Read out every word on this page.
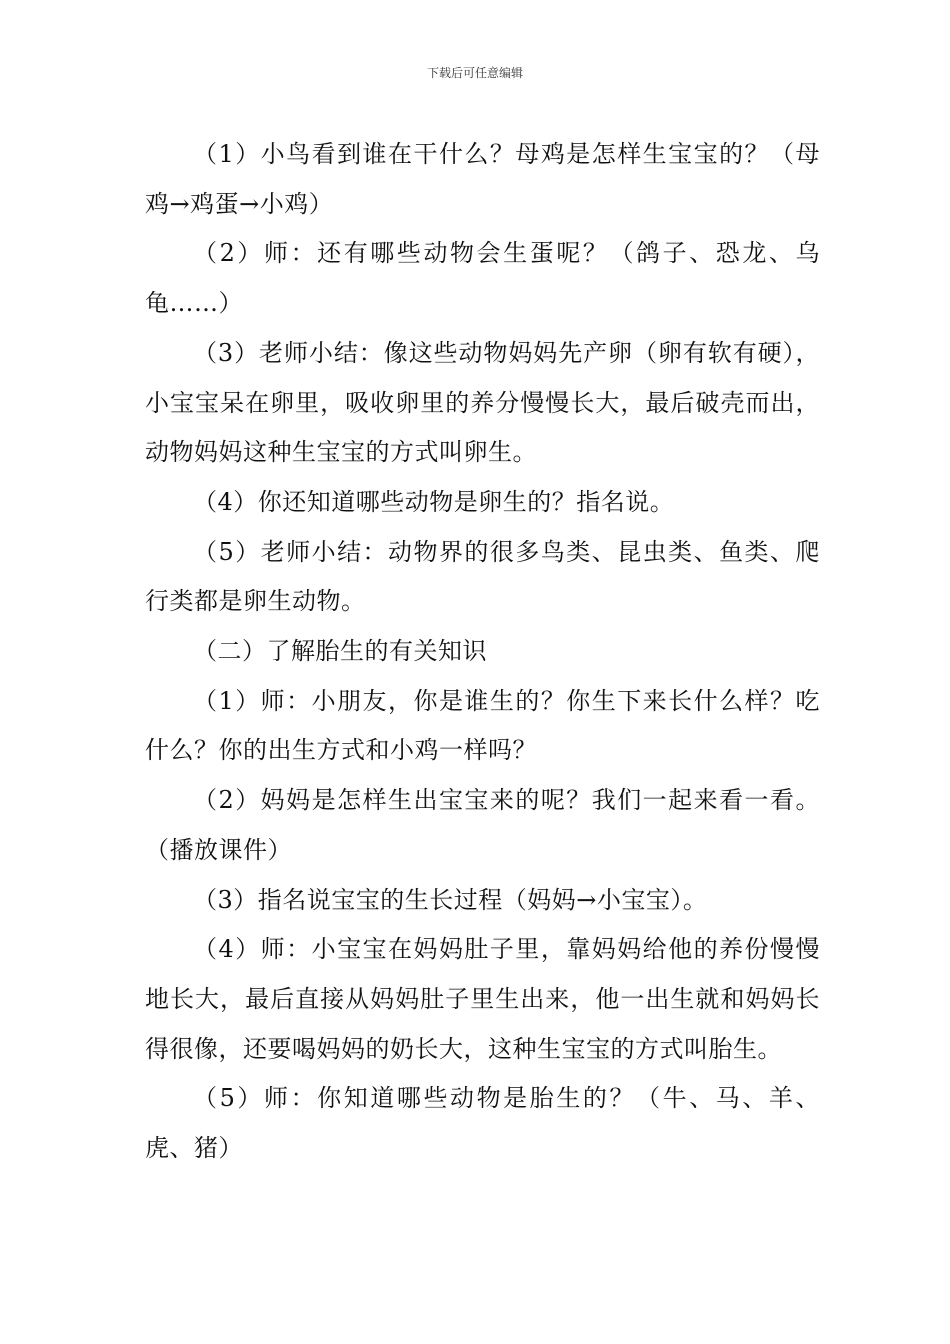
下载后可任意编辑

（1）小鸟看到谁在干什么？母鸡是怎样生宝宝的？（母鸡→鸡蛋→小鸡）

（2）师：还有哪些动物会生蛋呢？（鸽子、恐龙、乌龟……）

（3）老师小结：像这些动物妈妈先产卵（卵有软有硬），小宝宝呆在卵里，吸收卵里的养分慢慢长大，最后破壳而出，动物妈妈这种生宝宝的方式叫卵生。

（4）你还知道哪些动物是卵生的？指名说。

（5）老师小结：动物界的很多鸟类、昆虫类、鱼类、爬行类都是卵生动物。

（二）了解胎生的有关知识

（1）师：小朋友，你是谁生的？你生下来长什么样？吃什么？你的出生方式和小鸡一样吗？

（2）妈妈是怎样生出宝宝来的呢？我们一起来看一看。（播放课件）

（3）指名说宝宝的生长过程（妈妈→小宝宝）。

（4）师：小宝宝在妈妈肚子里，靠妈妈给他的养份慢慢地长大，最后直接从妈妈肚子里生出来，他一出生就和妈妈长得很像，还要喝妈妈的奶长大，这种生宝宝的方式叫胎生。

（5）师：你知道哪些动物是胎生的？（牛、马、羊、虎、猪）
